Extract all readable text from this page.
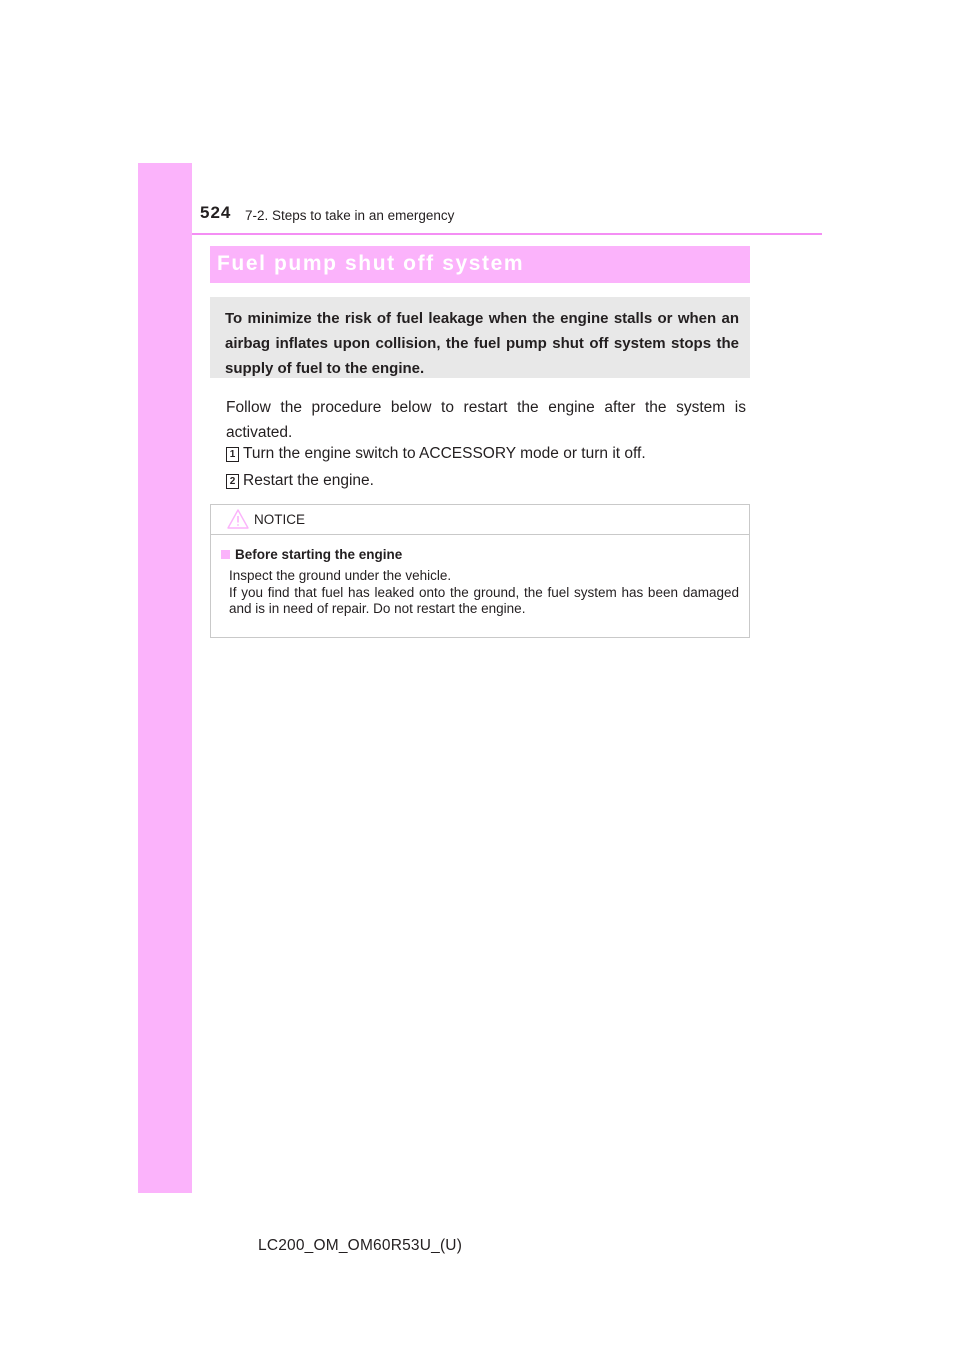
524 7-2. Steps to take in an emergency
Fuel pump shut off system
To minimize the risk of fuel leakage when the engine stalls or when an airbag inflates upon collision, the fuel pump shut off system stops the supply of fuel to the engine.
Follow the procedure below to restart the engine after the system is activated.
1 Turn the engine switch to ACCESSORY mode or turn it off.
2 Restart the engine.
NOTICE
Before starting the engine

Inspect the ground under the vehicle.

If you find that fuel has leaked onto the ground, the fuel system has been damaged and is in need of repair. Do not restart the engine.

LC200_OM_OM60R53U_(U)
